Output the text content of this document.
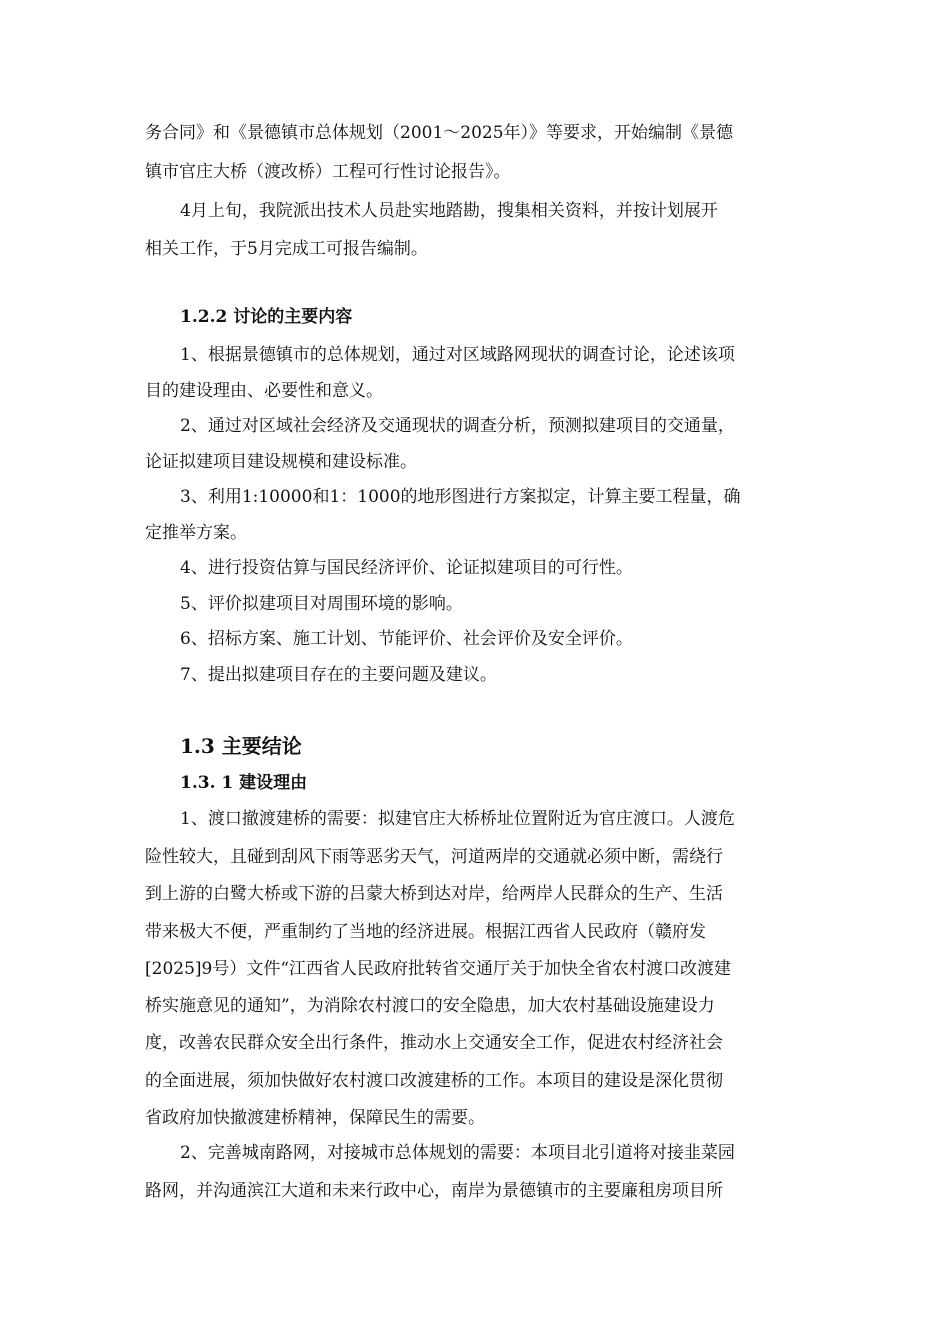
务合同》和《景德镇市总体规划（2001～2025年）》等要求，开始编制《景德
镇市官庄大桥（渡改桥）工程可行性讨论报告》。
4月上旬，我院派出技术人员赴实地踏勘，搜集相关资料，并按计划展开
相关工作，于5月完成工可报告编制。
1.2.2 讨论的主要内容
1、根据景德镇市的总体规划，通过对区域路网现状的调查讨论，论述该项
目的建设理由、必要性和意义。
2、通过对区域社会经济及交通现状的调查分析，预测拟建项目的交通量，
论证拟建项目建设规模和建设标准。
3、利用1:10000和1：1000的地形图进行方案拟定，计算主要工程量，确
定推举方案。
4、进行投资估算与国民经济评价、论证拟建项目的可行性。
5、评价拟建项目对周围环境的影响。
6、招标方案、施工计划、节能评价、社会评价及安全评价。
7、提出拟建项目存在的主要问题及建议。
1.3 主要结论
1.3. 1 建设理由
1、渡口撤渡建桥的需要：拟建官庄大桥桥址位置附近为官庄渡口。人渡危
险性较大，且碰到刮风下雨等恶劣天气，河道两岸的交通就必须中断，需绕行
到上游的白鹭大桥或下游的吕蒙大桥到达对岸，给两岸人民群众的生产、生活
带来极大不便，严重制约了当地的经济进展。根据江西省人民政府（赣府发
[2025]9号）文件“江西省人民政府批转省交通厅关于加快全省农村渡口改渡建
桥实施意见的通知”，为消除农村渡口的安全隐患，加大农村基础设施建设力
度，改善农民群众安全出行条件，推动水上交通安全工作，促进农村经济社会
的全面进展，须加快做好农村渡口改渡建桥的工作。本项目的建设是深化贯彻
省政府加快撤渡建桥精神，保障民生的需要。
2、完善城南路网，对接城市总体规划的需要：本项目北引道将对接韭菜园
路网，并沟通滨江大道和未来行政中心，南岸为景德镇市的主要廉租房项目所
